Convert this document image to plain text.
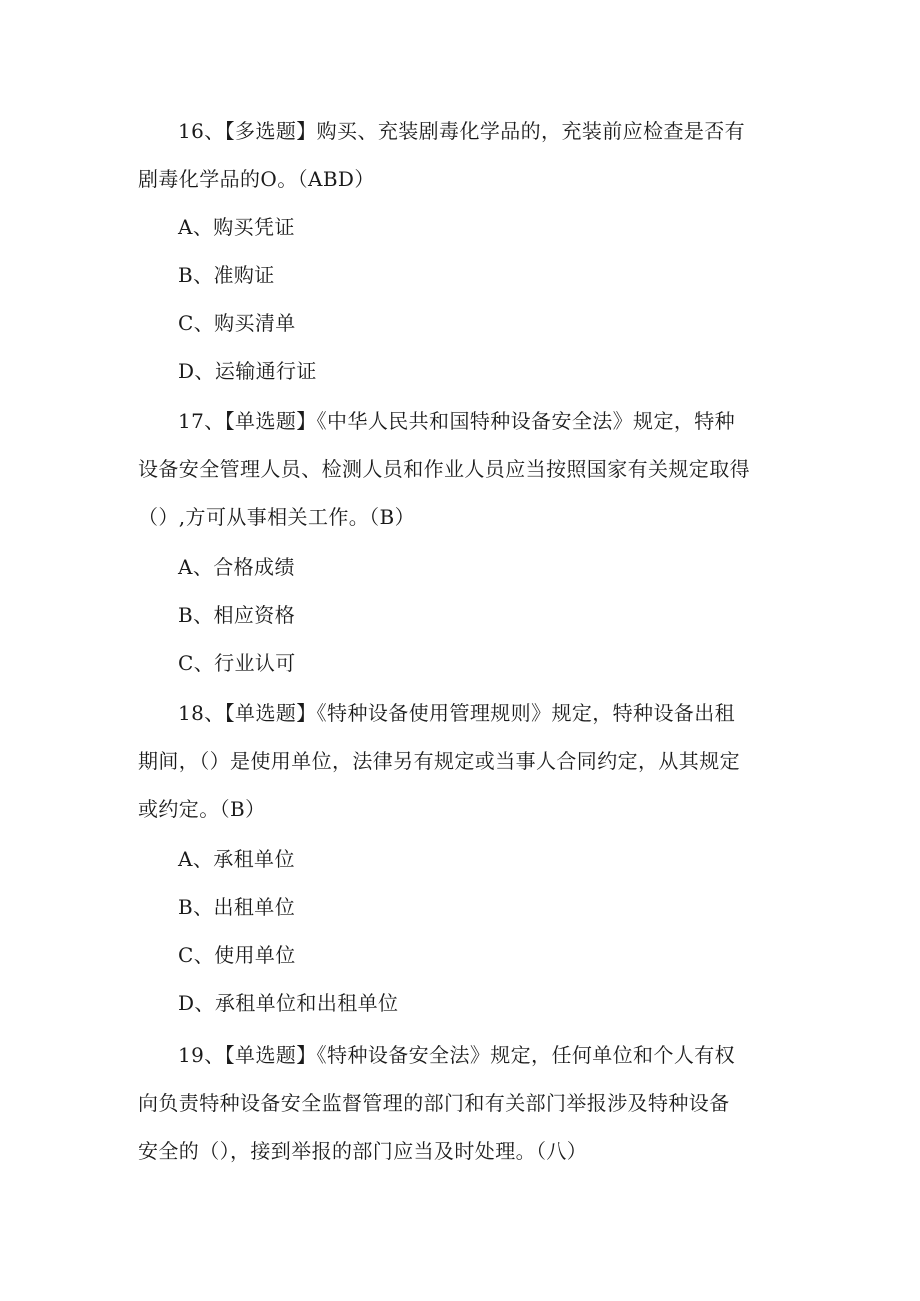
16、【多选题】购买、充装剧毒化学品的，充装前应检查是否有
剧毒化学品的O。（ABD）
A、购买凭证
B、准购证
C、购买清单
D、运输通行证
17、【单选题】《中华人民共和国特种设备安全法》规定，特种
设备安全管理人员、检测人员和作业人员应当按照国家有关规定取得
（）,方可从事相关工作。（B）
A、合格成绩
B、相应资格
C、行业认可
18、【单选题】《特种设备使用管理规则》规定，特种设备出租
期间，（）是使用单位，法律另有规定或当事人合同约定，从其规定
或约定。（B）
A、承租单位
B、出租单位
C、使用单位
D、承租单位和出租单位
19、【单选题】《特种设备安全法》规定，任何单位和个人有权
向负责特种设备安全监督管理的部门和有关部门举报涉及特种设备
安全的（），接到举报的部门应当及时处理。（八）
